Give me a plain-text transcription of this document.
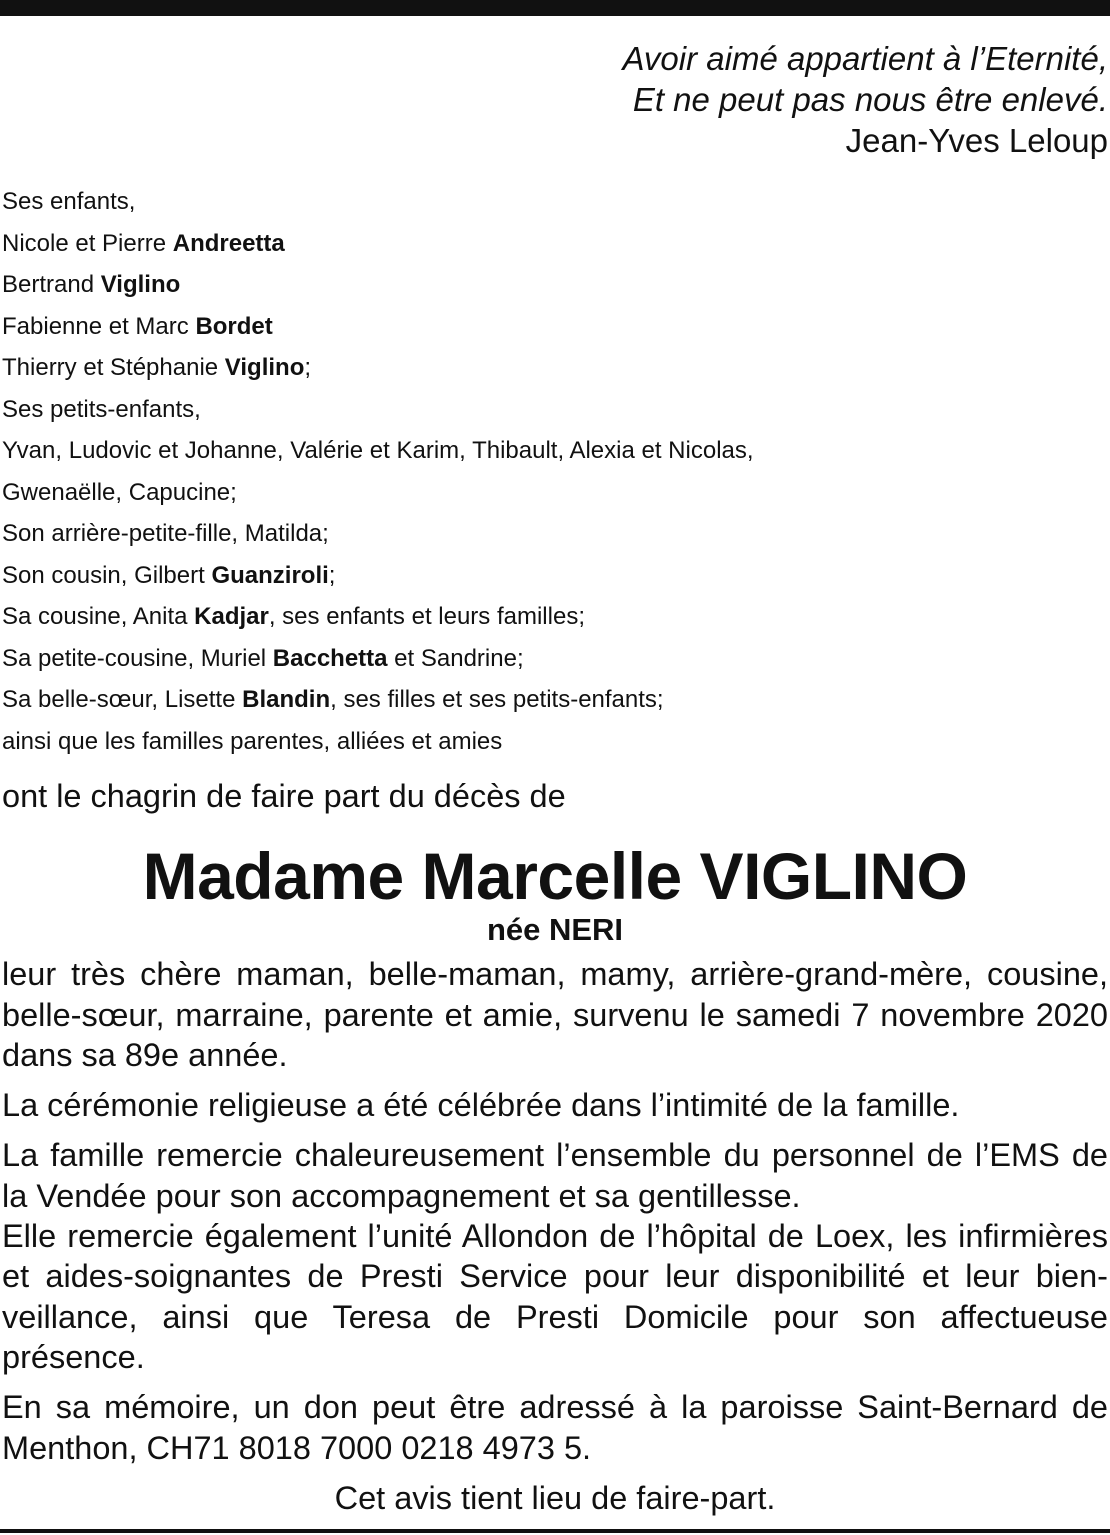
Avoir aimé appartient à l’Eternité,
Et ne peut pas nous être enlevé.
Jean-Yves Leloup
Ses enfants,
Nicole et Pierre Andreetta
Bertrand Viglino
Fabienne et Marc Bordet
Thierry et Stéphanie Viglino;
Ses petits-enfants,
Yvan, Ludovic et Johanne, Valérie et Karim, Thibault, Alexia et Nicolas,
Gwenaëlle, Capucine;
Son arrière-petite-fille, Matilda;
Son cousin, Gilbert Guanziroli;
Sa cousine, Anita Kadjar, ses enfants et leurs familles;
Sa petite-cousine, Muriel Bacchetta et Sandrine;
Sa belle-sœur, Lisette Blandin, ses filles et ses petits-enfants;
ainsi que les familles parentes, alliées et amies
ont le chagrin de faire part du décès de
Madame Marcelle VIGLINO
née NERI
leur très chère maman, belle-maman, mamy, arrière-grand-mère, cousine, belle-sœur, marraine, parente et amie, survenu le samedi 7 novembre 2020 dans sa 89e année.
La cérémonie religieuse a été célébrée dans l’intimité de la famille.
La famille remercie chaleureusement l’ensemble du personnel de l’EMS de la Vendée pour son accompagnement et sa gentillesse.
Elle remercie également l’unité Allondon de l’hôpital de Loex, les infirmières et aides-soignantes de Presti Service pour leur disponibilité et leur bien-veillance, ainsi que Teresa de Presti Domicile pour son affectueuse présence.
En sa mémoire, un don peut être adressé à la paroisse Saint-Bernard de Menthon, CH71 8018 7000 0218 4973 5.
Cet avis tient lieu de faire-part.
